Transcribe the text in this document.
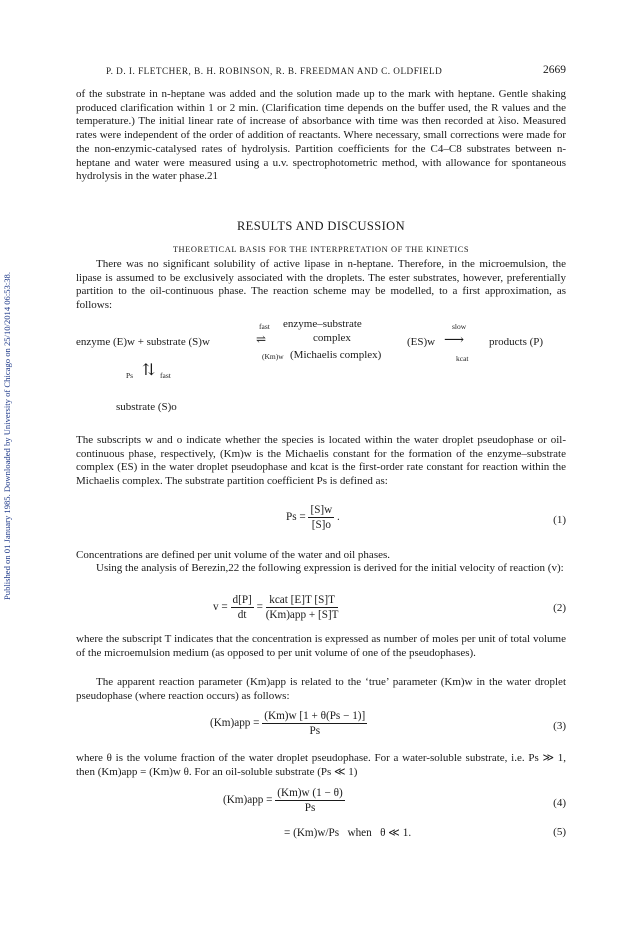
Published on 01 January 1985. Downloaded by University of Chicago on 25/10/2014 06:53:38.
P. D. I. FLETCHER, B. H. ROBINSON, R. B. FREEDMAN AND C. OLDFIELD	2669

of the substrate in n-heptane was added and the solution made up to the mark with heptane. Gentle shaking produced clarification within 1 or 2 min. (Clarification time depends on the buffer used, the R values and the temperature.) The initial linear rate of increase of absorbance with time was then recorded at λiso. Measured rates were independent of the order of addition of reactants. Where necessary, small corrections were made for the non-enzymic-catalysed rates of hydrolysis. Partition coefficients for the C4–C8 substrates between n-heptane and water were measured using a u.v. spectrophotometric method, with allowance for spontaneous hydrolysis in the water phase.21

RESULTS AND DISCUSSION
THEORETICAL BASIS FOR THE INTERPRETATION OF THE KINETICS

There was no significant solubility of active lipase in n-heptane. Therefore, in the microemulsion, the lipase is assumed to be exclusively associated with the droplets. The ester substrates, however, preferentially partition to the oil-continuous phase. The reaction scheme may be modelled, to a first approximation, as follows:

fast enzyme–substrate	slow
enzyme (E)w + substrate (S)w	⇌	complex	(ES)w ⟶ products (P)
(Km)w (Michaelis complex)	kcat
Ps ⇅ fast
substrate (S)o

The subscripts w and o indicate whether the species is located within the water droplet pseudophase or oil-continuous phase, respectively, (Km)w is the Michaelis constant for the formation of the enzyme–substrate complex (ES) in the water droplet pseudophase and kcat is the first-order rate constant for reaction within the Michaelis complex. The substrate partition coefficient Ps is defined as:

$Ps = \frac{[S]w}{[S]o}$ .	(1)

Concentrations are defined per unit volume of the water and oil phases.

Using the analysis of Berezin,22 the following expression is derived for the initial velocity of reaction (v):

$v = \frac{d[P]}{dt} = \frac{\text{kcat [E]T [S]T}}{\text{(Km)app + [S]T}}$	(2)

where the subscript T indicates that the concentration is expressed as number of moles per unit of total volume of the microemulsion medium (as opposed to per unit volume of one of the pseudophases).

The apparent reaction parameter (Km)app is related to the ‘true’ parameter (Km)w in the water droplet pseudophase (where reaction occurs) as follows:

$(Km)app = \frac{(Km)w [1 + \theta(Ps - 1)]}{Ps}$	(3)

where θ is the volume fraction of the water droplet pseudophase. For a water-soluble substrate, i.e. Ps ≫ 1, then (Km)app = (Km)w θ. For an oil-soluble substrate (Ps ≪ 1)

$(Km)app = \frac{(Km)w (1 - \theta)}{Ps}$	(4)
= (Km)w/Ps   when   θ ≪ 1.	(5)
